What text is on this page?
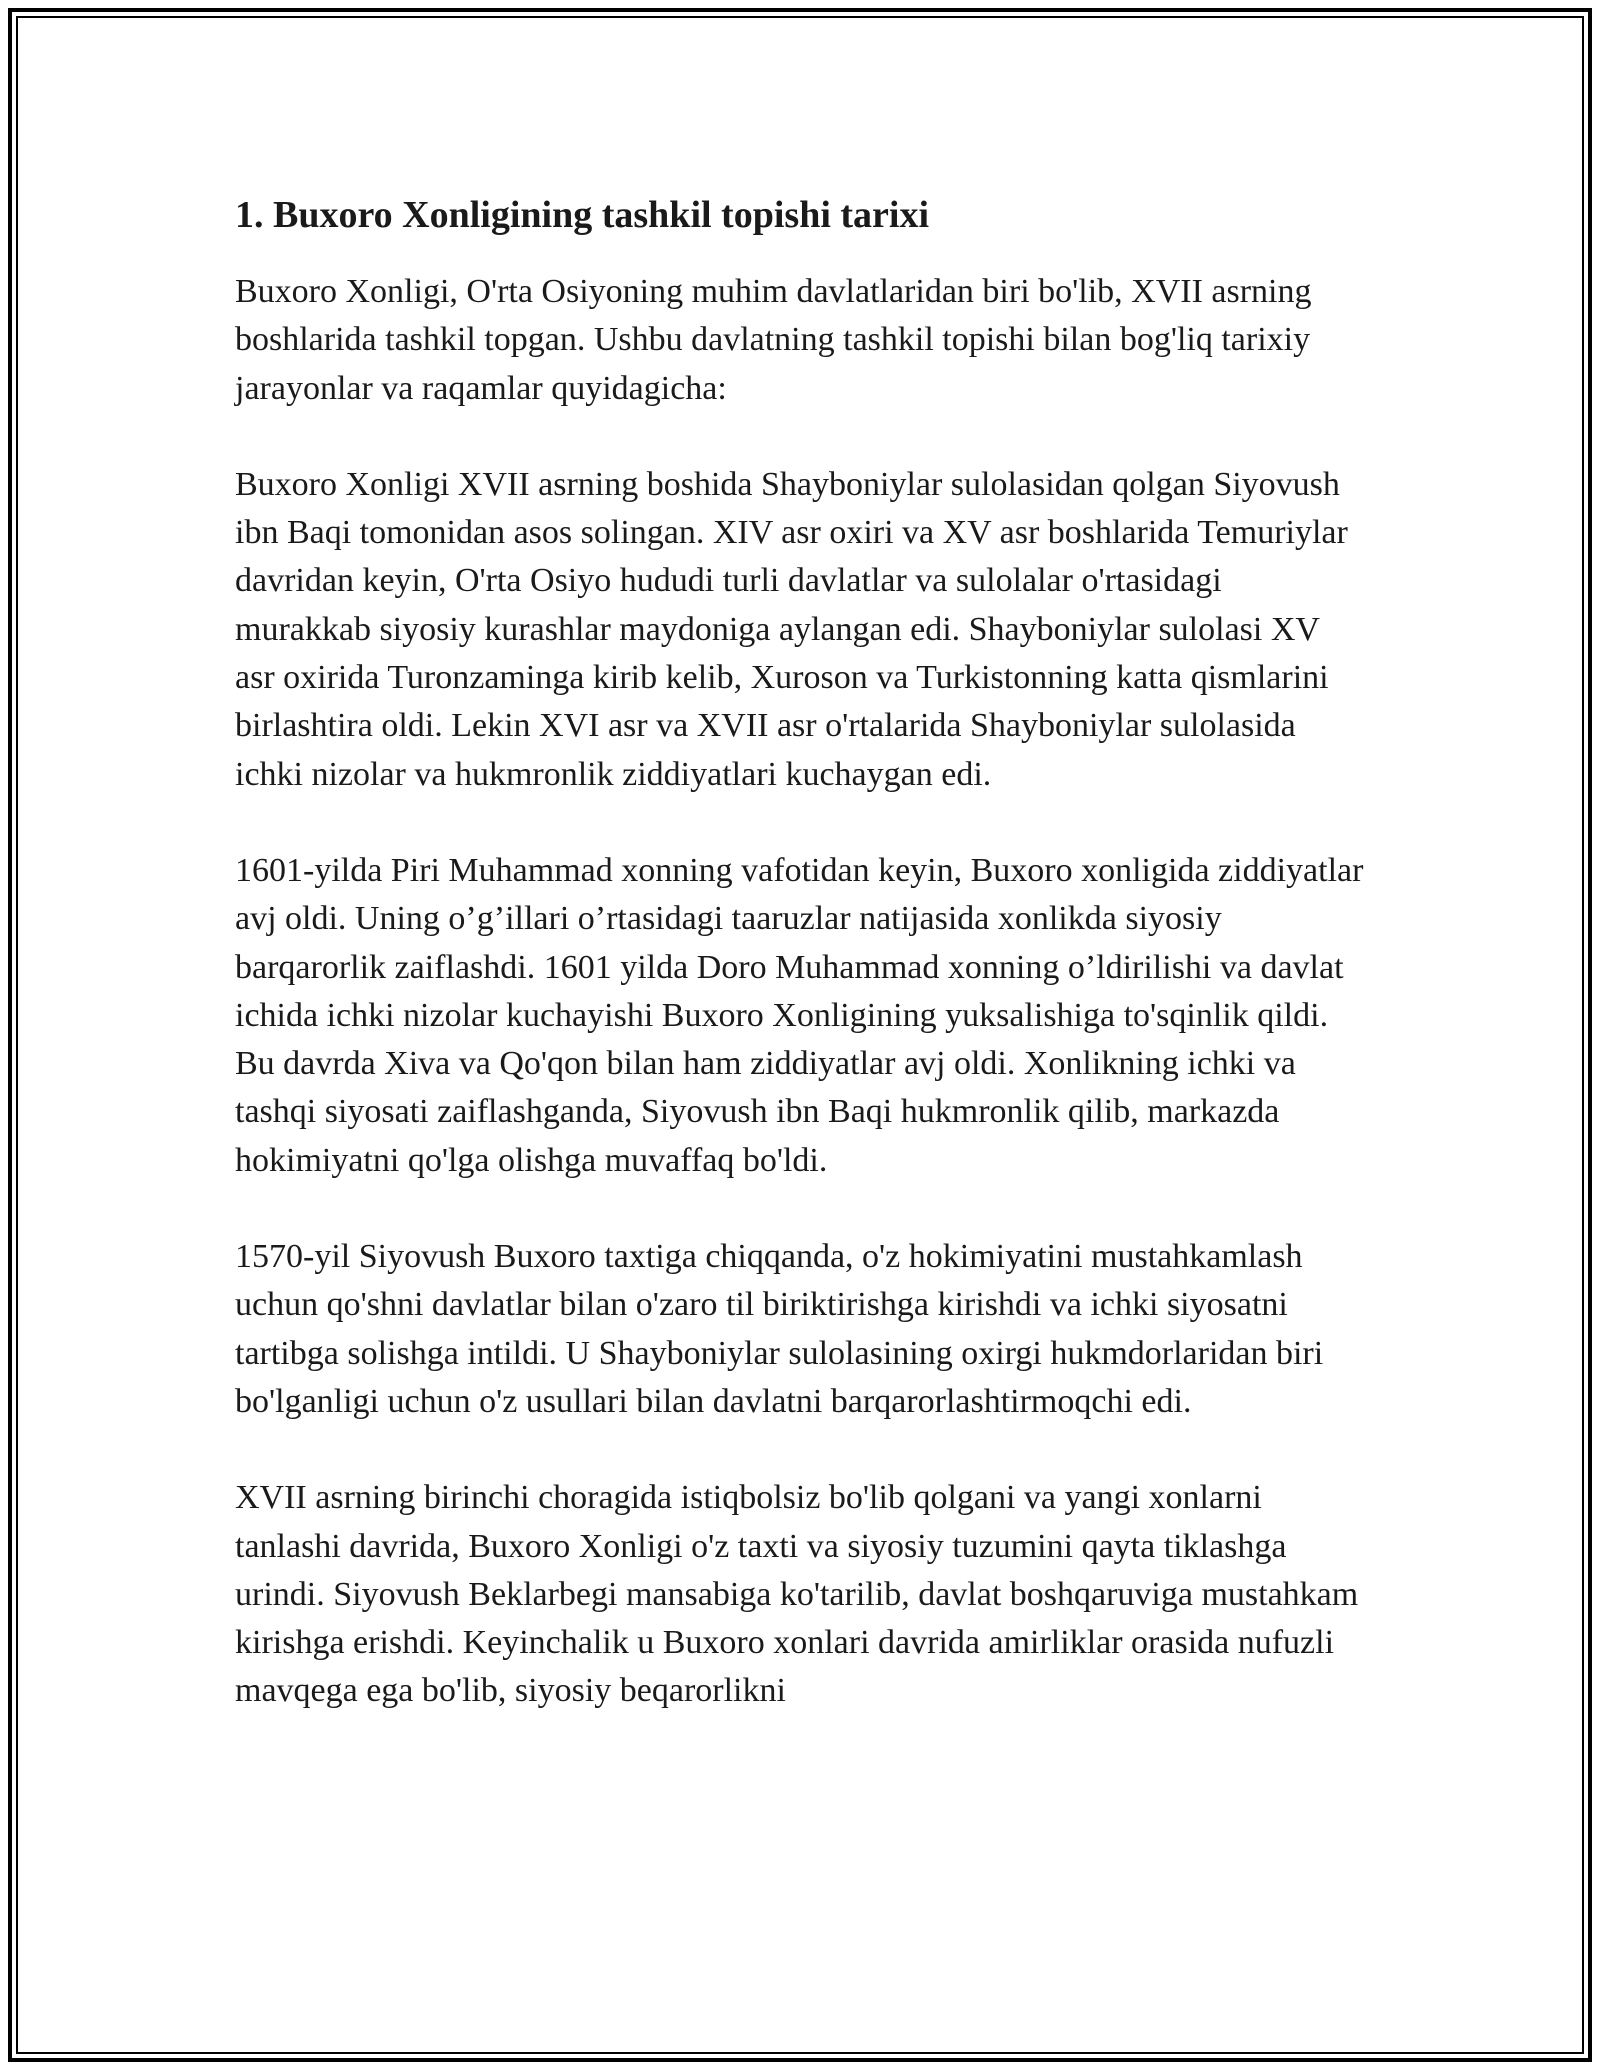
1. Buxoro Xonligining tashkil topishi tarixi

Buxoro Xonligi, O'rta Osiyoning muhim davlatlaridan biri bo'lib, XVII asrning boshlarida tashkil topgan. Ushbu davlatning tashkil topishi bilan bog'liq tarixiy jarayonlar va raqamlar quyidagicha:

Buxoro Xonligi XVII asrning boshida Shayboniylar sulolasidan qolgan Siyovush ibn Baqi tomonidan asos solingan. XIV asr oxiri va XV asr boshlarida Temuriylar davridan keyin, O'rta Osiyo hududi turli davlatlar va sulolalar o'rtasidagi murakkab siyosiy kurashlar maydoniga aylangan edi. Shayboniylar sulolasi XV asr oxirida Turonzaminga kirib kelib, Xuroson va Turkistonning katta qismlarini birlashtira oldi. Lekin XVI asr va XVII asr o'rtalarida Shayboniylar sulolasida ichki nizolar va hukmronlik ziddiyatlari kuchaygan edi.

1601-yilda Piri Muhammad xonning vafotidan keyin, Buxoro xonligida ziddiyatlar avj oldi. Uning o’g’illari o’rtasidagi taaruzlar natijasida xonlikda siyosiy barqarorlik zaiflashdi. 1601 yilda Doro Muhammad xonning o’ldirilishi va davlat ichida ichki nizolar kuchayishi Buxoro Xonligining yuksalishiga to'sqinlik qildi. Bu davrda Xiva va Qo'qon bilan ham ziddiyatlar avj oldi. Xonlikning ichki va tashqi siyosati zaiflashganda, Siyovush ibn Baqi hukmronlik qilib, markazda hokimiyatni qo'lga olishga muvaffaq bo'ldi.

1570-yil Siyovush Buxoro taxtiga chiqqanda, o'z hokimiyatini mustahkamlash uchun qo'shni davlatlar bilan o'zaro til biriktirishga kirishdi va ichki siyosatni tartibga solishga intildi. U Shayboniylar sulolasining oxirgi hukmdorlaridan biri bo'lganligi uchun o'z usullari bilan davlatni barqarorlashtirmoqchi edi.

XVII asrning birinchi choragida istiqbolsiz bo'lib qolgani va yangi xonlarni tanlashi davrida, Buxoro Xonligi o'z taxti va siyosiy tuzumini qayta tiklashga urindi. Siyovush Beklarbegi mansabiga ko'tarilib, davlat boshqaruviga mustahkam kirishga erishdi. Keyinchalik u Buxoro xonlari davrida amirliklar orasida nufuzli mavqega ega bo'lib, siyosiy beqarorlikni
